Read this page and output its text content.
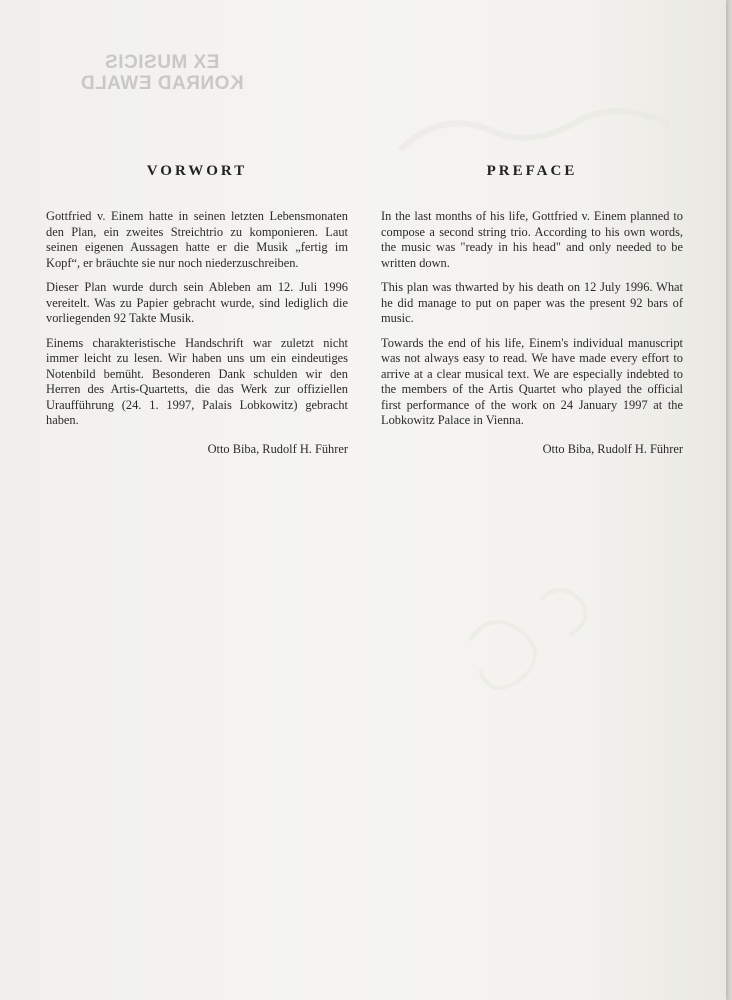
EX MUSICIS
KONRAD EWALD
VORWORT

Gottfried v. Einem hatte in seinen letzten Lebensmonaten den Plan, ein zweites Streichtrio zu komponieren. Laut seinen eigenen Aussagen hatte er die Musik „fertig im Kopf“, er bräuchte sie nur noch niederzuschreiben.

Dieser Plan wurde durch sein Ableben am 12. Juli 1996 vereitelt. Was zu Papier gebracht wurde, sind lediglich die vorliegenden 92 Takte Musik.

Einems charakteristische Handschrift war zuletzt nicht immer leicht zu lesen. Wir haben uns um ein eindeutiges Notenbild bemüht. Besonderen Dank schulden wir den Herren des Artis-Quartetts, die das Werk zur offiziellen Uraufführung (24. 1. 1997, Palais Lobkowitz) gebracht haben.

Otto Biba, Rudolf H. Führer
PREFACE

In the last months of his life, Gottfried v. Einem planned to compose a second string trio. According to his own words, the music was "ready in his head" and only needed to be written down.

This plan was thwarted by his death on 12 July 1996. What he did manage to put on paper was the present 92 bars of music.

Towards the end of his life, Einem's individual manuscript was not always easy to read. We have made every effort to arrive at a clear musical text. We are especially indebted to the members of the Artis Quartet who played the official first performance of the work on 24 January 1997 at the Lobkowitz Palace in Vienna.

Otto Biba, Rudolf H. Führer
